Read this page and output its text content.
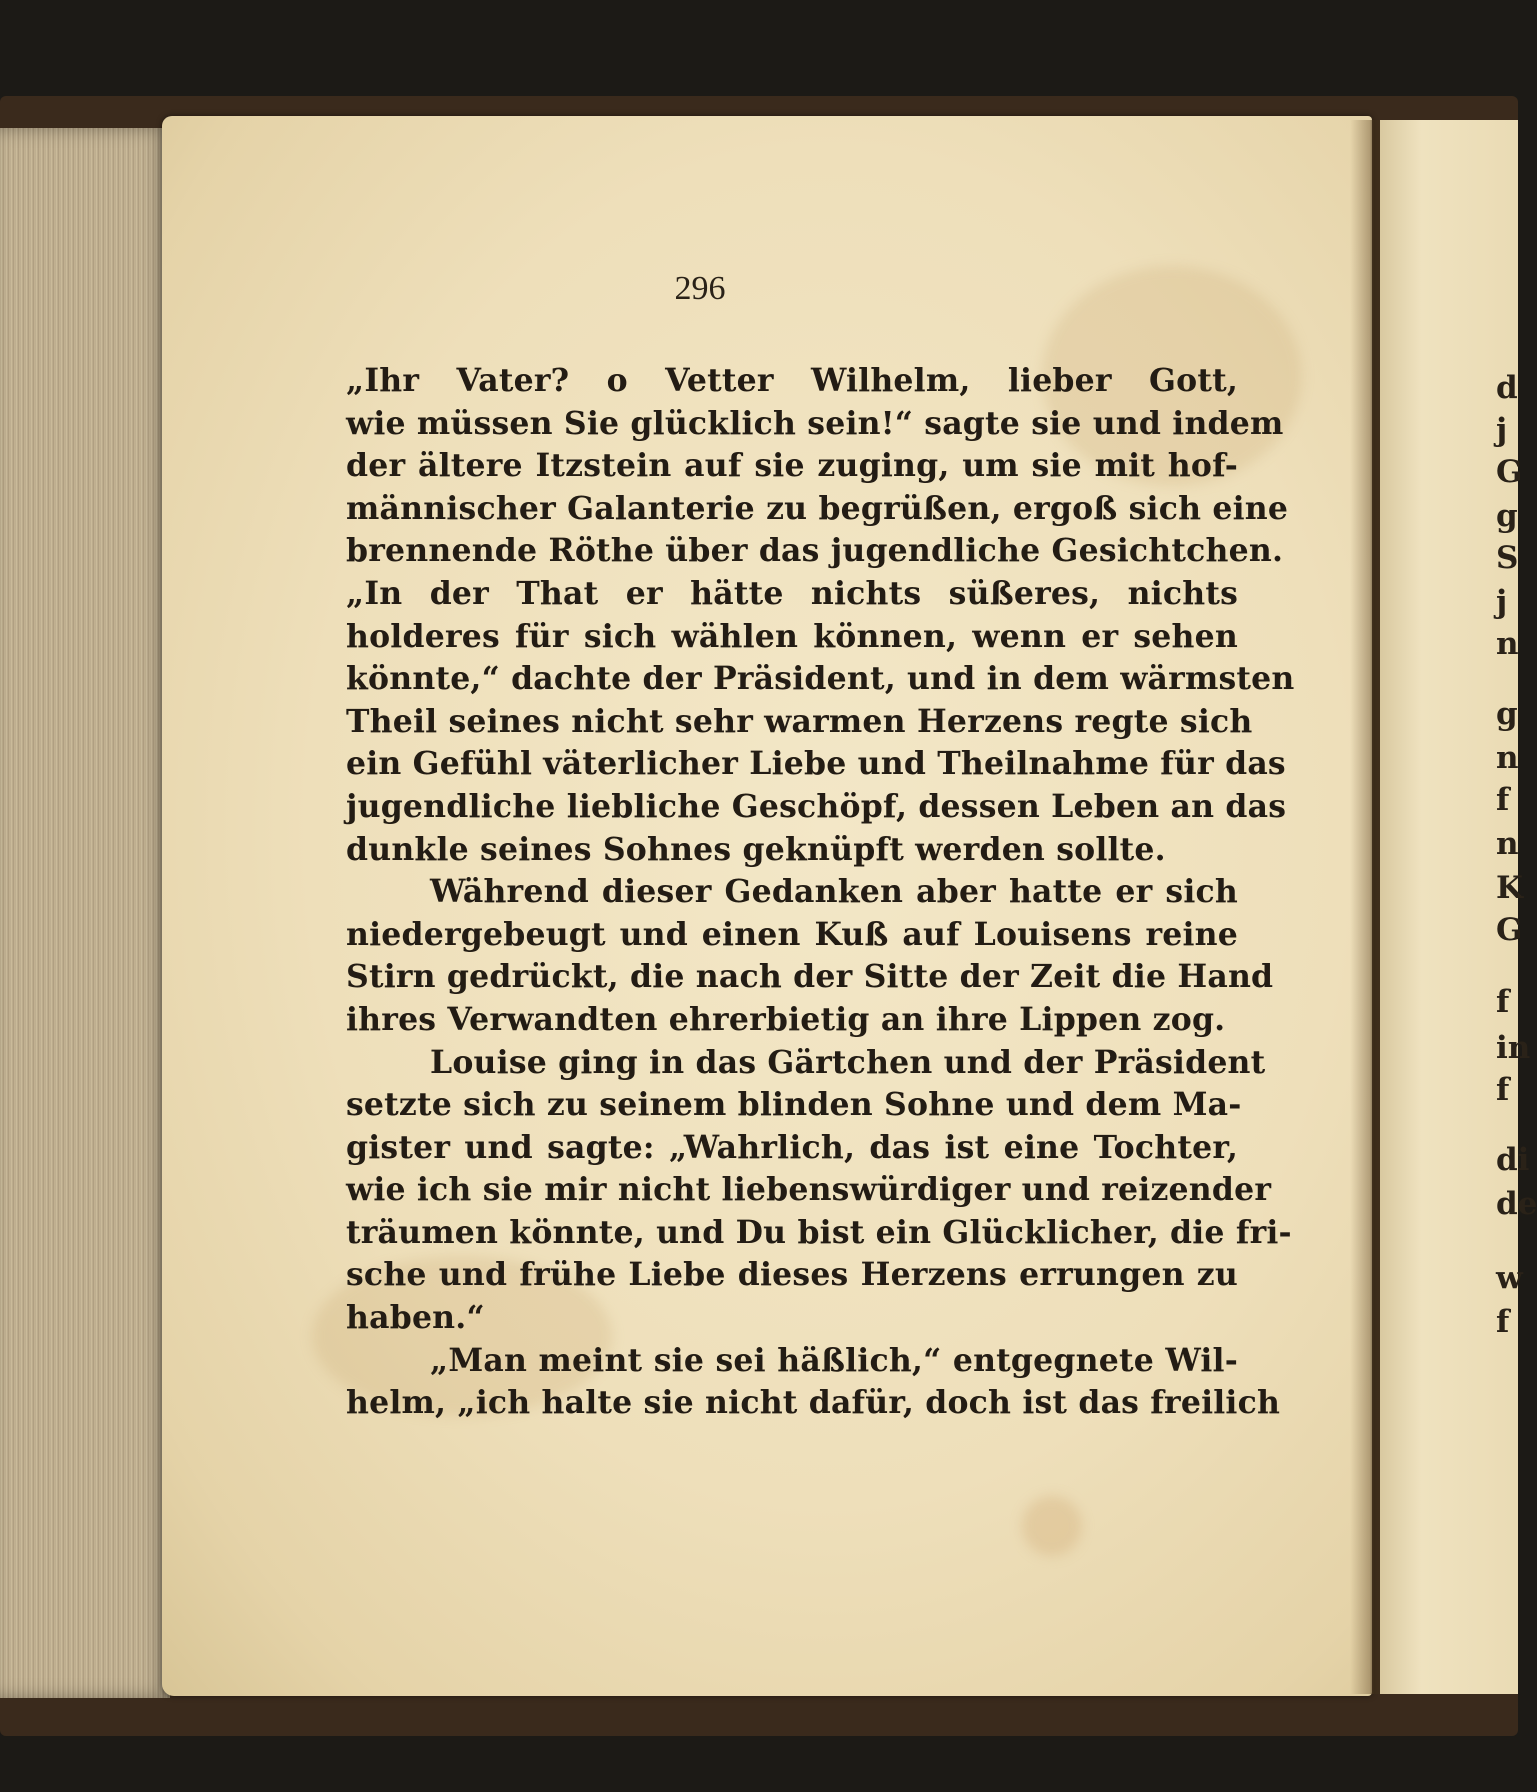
296
„Ihr Vater? o Vetter Wilhelm, lieber Gott,
wie müssen Sie glücklich sein!“ sagte sie und indem
der ältere Itzstein auf sie zuging, um sie mit hof-
männischer Galanterie zu begrüßen, ergoß sich eine
brennende Röthe über das jugendliche Gesichtchen.
„In der That er hätte nichts süßeres, nichts
holderes für sich wählen können, wenn er sehen
könnte,“ dachte der Präsident, und in dem wärmsten
Theil seines nicht sehr warmen Herzens regte sich
ein Gefühl väterlicher Liebe und Theilnahme für das
jugendliche liebliche Geschöpf, dessen Leben an das
dunkle seines Sohnes geknüpft werden sollte.
Während dieser Gedanken aber hatte er sich
niedergebeugt und einen Kuß auf Louisens reine
Stirn gedrückt, die nach der Sitte der Zeit die Hand
ihres Verwandten ehrerbietig an ihre Lippen zog.
Louise ging in das Gärtchen und der Präsident
setzte sich zu seinem blinden Sohne und dem Ma-
gister und sagte: „Wahrlich, das ist eine Tochter,
wie ich sie mir nicht liebenswürdiger und reizender
träumen könnte, und Du bist ein Glücklicher, die fri-
sche und frühe Liebe dieses Herzens errungen zu
haben.“
„Man meint sie sei häßlich,“ entgegnete Wil-
helm, „ich halte sie nicht dafür, doch ist das freilich
d
j
G
g
S
j
n
g
n
f
n
K
G
f
in
f
di
de
w
f
